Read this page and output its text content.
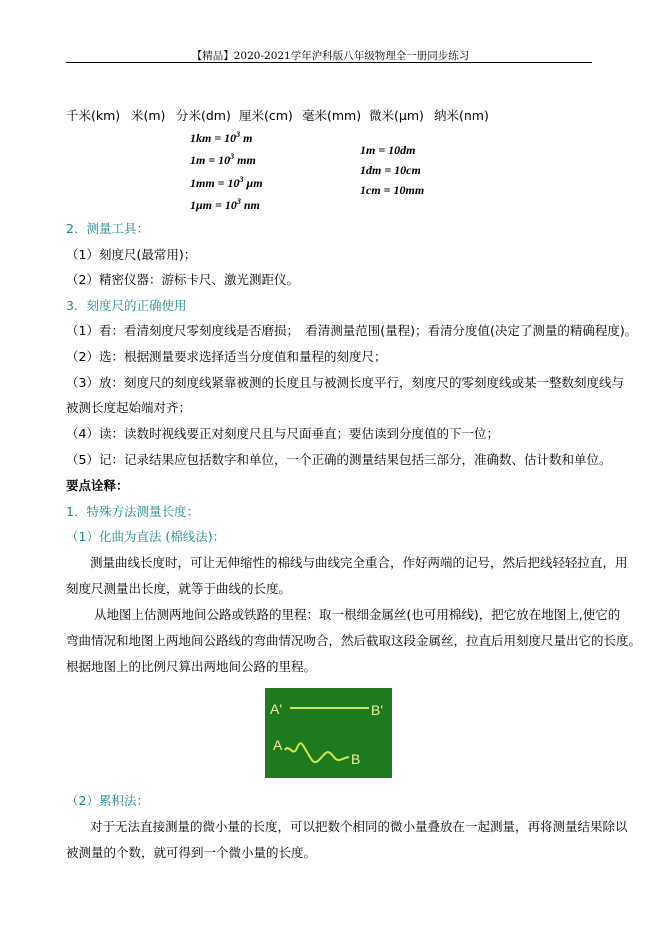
【精品】2020-2021学年沪科版八年级物理全一册同步练习
千米(km) 米(m) 分米(dm) 厘米(cm) 毫米(mm) 微米(μm) 纳米(nm)
$1km = 10^3$ m
$1m = 10^3$ mm
$1mm = 10^3$ μm
$1\mu m = 10^3$ nm
1m = 10dm
1dm = 10cm
1cm = 10mm
2．测量工具：
（1）刻度尺(最常用)；
（2）精密仪器：游标卡尺、激光测距仪。
3．刻度尺的正确使用
（1）看：看清刻度尺零刻度线是否磨损；　看清测量范围(量程)；看清分度值(决定了测量的精确程度)。
（2）选：根据测量要求选择适当分度值和量程的刻度尺；
（3）放：刻度尺的刻度线紧靠被测的长度且与被测长度平行，刻度尺的零刻度线或某一整数刻度线与
被测长度起始端对齐；
（4）读：读数时视线要正对刻度尺且与尺面垂直；要估读到分度值的下一位；
（5）记：记录结果应包括数字和单位，一个正确的测量结果包括三部分，准确数、估计数和单位。
要点诠释：
1．特殊方法测量长度：
（1）化曲为直法 (棉线法)：
测量曲线长度时，可让无伸缩性的棉线与曲线完全重合，作好两端的记号，然后把线轻轻拉直，用
刻度尺测量出长度，就等于曲线的长度。
从地图上估测两地间公路或铁路的里程：取一根细金属丝(也可用棉线)，把它放在地图上,使它的
弯曲情况和地图上两地间公路线的弯曲情况吻合，然后截取这段金属丝，拉直后用刻度尺量出它的长度。
根据地图上的比例尺算出两地间公路的里程。
A'	B'
A
B
（2）累积法：
对于无法直接测量的微小量的长度，可以把数个相同的微小量叠放在一起测量，再将测量结果除以
被测量的个数，就可得到一个微小量的长度。
